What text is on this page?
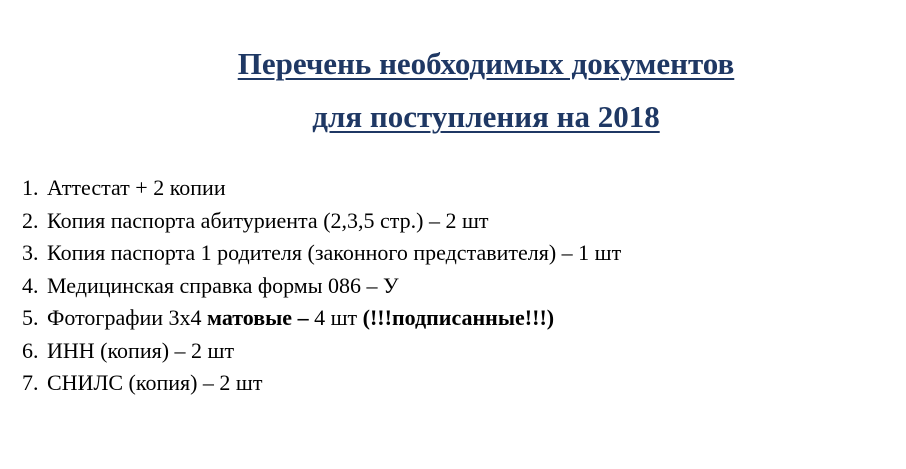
Перечень необходимых документов
для поступления на 2018
1. Аттестат + 2 копии
2. Копия паспорта абитуриента (2,3,5 стр.) – 2 шт
3. Копия паспорта 1 родителя (законного представителя) – 1 шт
4. Медицинская справка формы 086 – У
5. Фотографии 3х4 матовые – 4 шт (!!!подписанные!!!)
6. ИНН (копия) – 2 шт
7. СНИЛС (копия) – 2 шт
